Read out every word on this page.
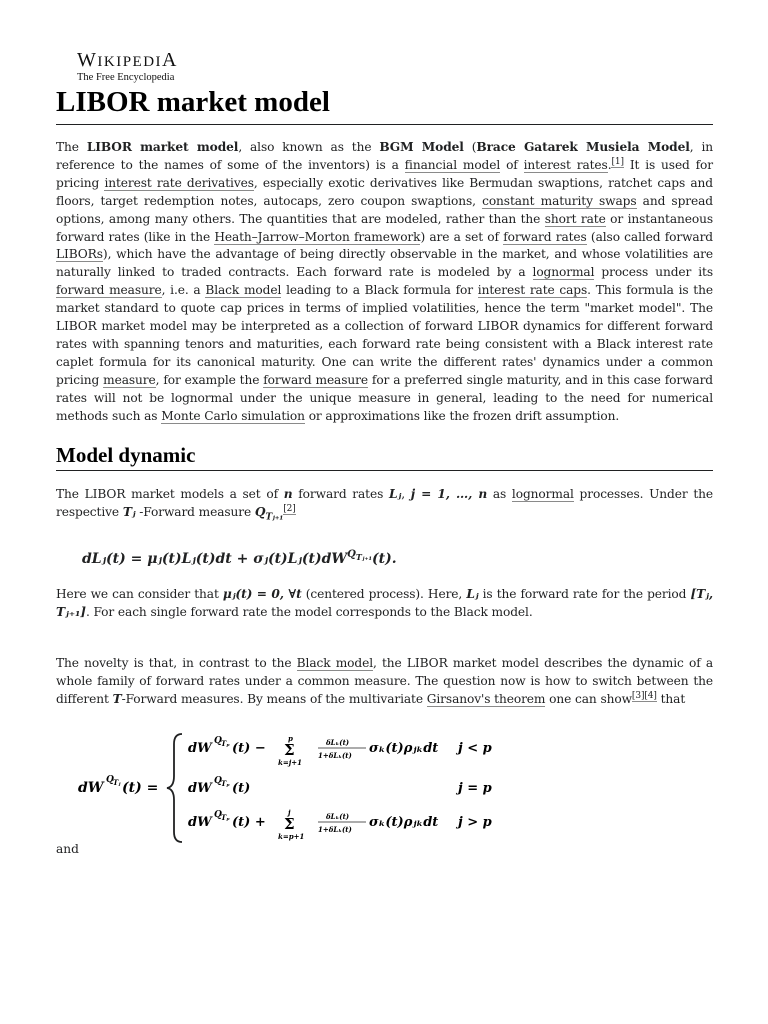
WIKIPEDIA
The Free Encyclopedia
LIBOR market model
The LIBOR market model, also known as the BGM Model (Brace Gatarek Musiela Model, in reference to the names of some of the inventors) is a financial model of interest rates.[1] It is used for pricing interest rate derivatives, especially exotic derivatives like Bermudan swaptions, ratchet caps and floors, target redemption notes, autocaps, zero coupon swaptions, constant maturity swaps and spread options, among many others. The quantities that are modeled, rather than the short rate or instantaneous forward rates (like in the Heath–Jarrow–Morton framework) are a set of forward rates (also called forward LIBORs), which have the advantage of being directly observable in the market, and whose volatilities are naturally linked to traded contracts. Each forward rate is modeled by a lognormal process under its forward measure, i.e. a Black model leading to a Black formula for interest rate caps. This formula is the market standard to quote cap prices in terms of implied volatilities, hence the term "market model". The LIBOR market model may be interpreted as a collection of forward LIBOR dynamics for different forward rates with spanning tenors and maturities, each forward rate being consistent with a Black interest rate caplet formula for its canonical maturity. One can write the different rates' dynamics under a common pricing measure, for example the forward measure for a preferred single maturity, and in this case forward rates will not be lognormal under the unique measure in general, leading to the need for numerical methods such as Monte Carlo simulation or approximations like the frozen drift assumption.
Model dynamic
The LIBOR market models a set of n forward rates Lⱼ, j = 1, …, n as lognormal processes. Under the respective Tⱼ -Forward measure $Q_{Tⱼ_{+1}}[2]$
dLⱼ(t) = μⱼ(t)Lⱼ(t)dt + $\sigma ⱼ(t)Lⱼ(t)dW^{Q_{Tⱼ_{+1}}}(t)$.
Here we can consider that μⱼ(t) = 0, ∀t (centered process). Here, Lⱼ is the forward rate for the period [Tⱼ, Tⱼ₊₁]. For each single forward rate the model corresponds to the Black model.
The novelty is that, in contrast to the Black model, the LIBOR market model describes the dynamic of a whole family of forward rates under a common measure. The question now is how to switch between the different T-Forward measures. By means of the multivariate Girsanov's theorem one can show[3][4] that
dW Q Tⱼ (t) =
dW Q Tₚ (t) −
p
Σ
k=j+1
δLₖ(t)
1+δLₖ(t) σₖ(t)ρⱼₖdt j < p
dW Q Tₚ (t)	j = p
dW Q Tₚ (t) +
j
Σ
k=p+1
δLₖ(t)
1+δLₖ(t) σₖ(t)ρⱼₖdt j > p
and
